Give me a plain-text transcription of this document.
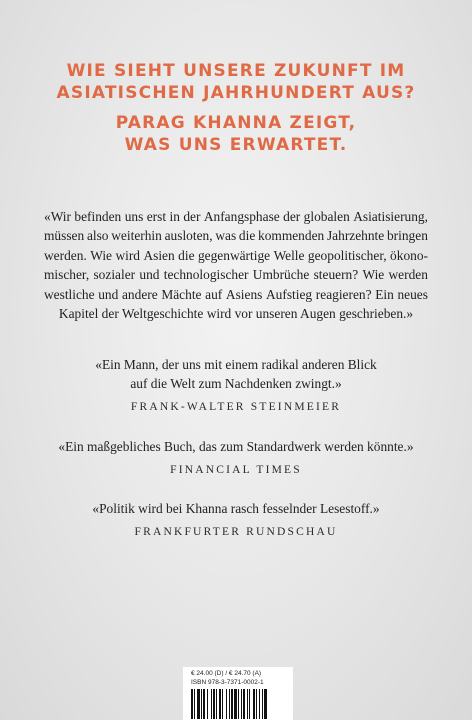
WIE SIEHT UNSERE ZUKUNFT IM
ASIATISCHEN JAHRHUNDERT AUS?
PARAG KHANNA ZEIGT,
WAS UNS ERWARTET.
«Wir befinden uns erst in der Anfangsphase der globalen Asiatisierung,
müssen also weiterhin ausloten, was die kommenden Jahrzehnte bringen
werden. Wie wird Asien die gegenwärtige Welle geopolitischer, ökono-
mischer, sozialer und technologischer Umbrüche steuern? Wie werden
westliche und andere Mächte auf Asiens Aufstieg reagieren? Ein neues
Kapitel der Weltgeschichte wird vor unseren Augen geschrieben.»
«Ein Mann, der uns mit einem radikal anderen Blick
auf die Welt zum Nachdenken zwingt.»
FRANK-WALTER STEINMEIER
«Ein maßgebliches Buch, das zum Standardwerk werden könnte.»
FINANCIAL TIMES
«Politik wird bei Khanna rasch fesselnder Lesestoff.»
FRANKFURTER RUNDSCHAU
€ 24.00 (D) / € 24.70 (A)
ISBN 978-3-7371-0002-1
